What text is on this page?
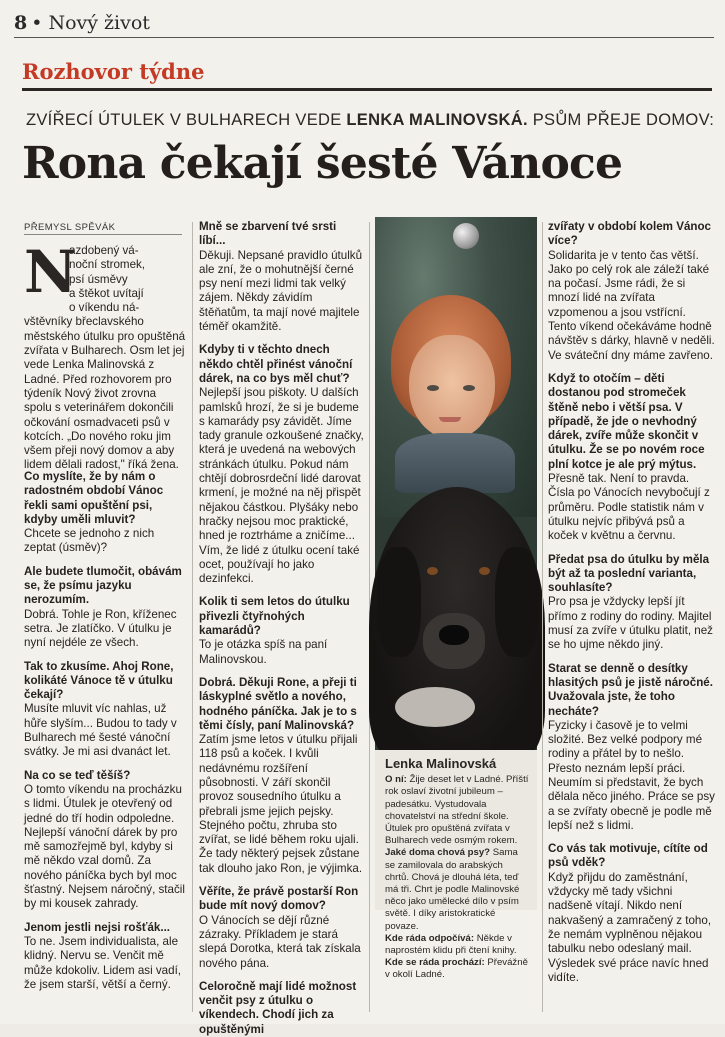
8 • Nový život
Rozhovor týdne
ZVÍŘECÍ ÚTULEK V BULHARECH VEDE LENKA MALINOVSKÁ. PSŮM PŘEJE DOMOV:
Rona čekají šesté Vánoce
PŘEMYSL SPĚVÁK
N
azdobený vá-
noční stromek,
psí úsměvy
a štěkot uvítají
o víkendu ná-
vštěvníky břeclavského městského útulku pro opuštěná zvířata v Bulharech. Osm let jej vede Lenka Malinovská z Ladné. Před rozhovorem pro týdeník Nový život zrovna spolu s veterinářem dokončili očkování osmadvaceti psů v kotcích. „Do nového roku jim všem přeji nový domov a aby lidem dělali radost," říká žena.

Co myslíte, že by nám o radostném období Vánoc řekli sami opuštění psi, kdyby uměli mluvit?

Chcete se jednoho z nich zeptat (úsměv)?

Ale budete tlumočit, obávám se, že psímu jazyku nerozumím.

Dobrá. Tohle je Ron, kříženec setra. Je zlatíčko. V útulku je nyní nejdéle ze všech.

Tak to zkusíme. Ahoj Rone, kolikáté Vánoce tě v útulku čekají?

Musíte mluvit víc nahlas, už hůře slyším... Budou to tady v Bulharech mé šesté vánoční svátky. Je mi asi dvanáct let.

Na co se teď těšíš?

O tomto víkendu na procházku s lidmi. Útulek je otevřený od jedné do tří hodin odpoledne. Nejlepší vánoční dárek by pro mě samozřejmě byl, kdyby si mě někdo vzal domů. Za nového páníčka bych byl moc šťastný. Nejsem náročný, stačil by mi kousek zahrady.

Jenom jestli nejsi rošťák...

To ne. Jsem individualista, ale klidný. Nervu se. Venčit mě může kdokoliv. Lidem asi vadí, že jsem starší, větší a černý.

Mně se zbarvení tvé srsti líbí...

Děkuji. Nepsané pravidlo útulků ale zní, že o mohutnější černé psy není mezi lidmi tak velký zájem. Někdy závidím štěňatům, ta mají nové majitele téměř okamžitě.

Kdyby ti v těchto dnech někdo chtěl přinést vánoční dárek, na co bys měl chuť?

Nejlepší jsou piškoty. U dalších pamlsků hrozí, že si je budeme s kamarády psy závidět. Jíme tady granule ozkoušené značky, která je uvedená na webových stránkách útulku. Pokud nám chtějí dobrosrdeční lidé darovat krmení, je možné na něj přispět nějakou částkou. Plyšáky nebo hračky nejsou moc praktické, hned je roztrháme a zničíme... Vím, že lidé z útulku ocení také ocet, používají ho jako dezinfekci.

Kolik ti sem letos do útulku přivezli čtyřnohých kamarádů?

To je otázka spíš na paní Malinovskou.

Dobrá. Děkuji Rone, a přeji ti láskyplné světlo a nového, hodného páníčka. Jak je to s těmi čísly, paní Malinovská?

Zatím jsme letos v útulku přijali 118 psů a koček. I kvůli nedávnému rozšíření působnosti. V září skončil provoz sousedního útulku a přebrali jsme jejich pejsky. Stejného počtu, zhruba sto zvířat, se lidé během roku ujali. Že tady některý pejsek zůstane tak dlouho jako Ron, je výjimka.

Věříte, že právě postarší Ron bude mít nový domov?

O Vánocích se dějí různé zázraky. Příkladem je stará slepá Dorotka, která tak získala nového pána.

Celoročně mají lidé možnost venčit psy z útulku o víkendech. Chodí jich za opuštěnými

Lenka Malinovská

O ní: Žije deset let v Ladné. Příští rok oslaví životní jubileum – padesátku. Vystudovala chovatelství na střední škole. Útulek pro opuštěná zvířata v Bulharech vede osmým rokem.

Jaké doma chová psy? Sama se zamilovala do arabských chrtů. Chová je dlouhá léta, teď má tři. Chrt je podle Malinovské něco jako umělecké dílo v psím světě. I díky aristokratické povaze.

Kde ráda odpočívá: Někde v naprostém klidu při čtení knihy.

Kde se ráda prochází: Převážně v okolí Ladné.

zvířaty v období kolem Vánoc více?

Solidarita je v tento čas větší. Jako po celý rok ale záleží také na počasí. Jsme rádi, že si mnozí lidé na zvířata vzpomenou a jsou vstřícní. Tento víkend očekáváme hodně návštěv s dárky, hlavně v neděli. Ve sváteční dny máme zavřeno.

Když to otočím – děti dostanou pod stromeček štěně nebo i větší psa. V případě, že jde o nevhodný dárek, zvíře může skončit v útulku. Že se po novém roce plní kotce je ale prý mýtus.

Přesně tak. Není to pravda. Čísla po Vánocích nevybočují z průměru. Podle statistik nám v útulku nejvíc přibývá psů a koček v květnu a červnu.

Předat psa do útulku by měla být až ta poslední varianta, souhlasíte?

Pro psa je vždycky lepší jít přímo z rodiny do rodiny. Majitel musí za zvíře v útulku platit, než se ho ujme někdo jiný.

Starat se denně o desítky hlasitých psů je jistě náročné. Uvažovala jste, že toho necháte?

Fyzicky i časově je to velmi složité. Bez velké podpory mé rodiny a přátel by to nešlo. Přesto neznám lepší práci. Neumím si představit, že bych dělala něco jiného. Práce se psy a se zvířaty obecně je podle mě lepší než s lidmi.

Co vás tak motivuje, cítíte od psů vděk?

Když přijdu do zaměstnání, vždycky mě tady všichni nadšeně vítají. Nikdo není nakvašený a zamračený z toho, že nemám vyplněnou nějakou tabulku nebo odeslaný mail. Výsledek své práce navíc hned vidíte.
